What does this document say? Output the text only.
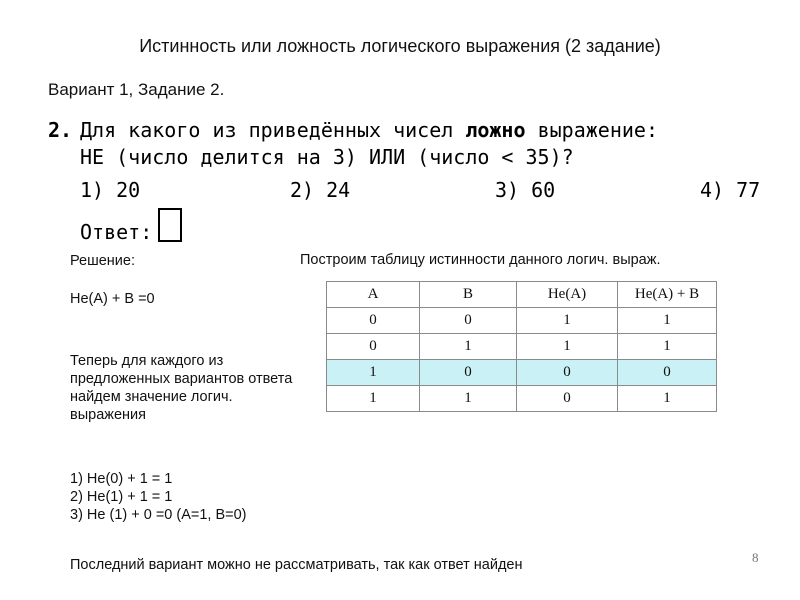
Истинность или ложность логического выражения (2 задание)
Вариант 1, Задание 2.
2. Для какого из приведённых чисел ложно выражение:
НЕ (число делится на 3) ИЛИ (число < 35)?
1) 20	2) 24	3) 60	4) 77
Ответ:
Решение:
Не(А) + В =0
Теперь для каждого из предложенных вариантов ответа найдем значение логич. выражения
1) Не(0) + 1 = 1
2) Не(1) + 1 = 1
3) Не (1) + 0 =0 (А=1, В=0)
Последний вариант можно не рассматривать, так как ответ найден
Построим таблицу истинности данного логич. выраж.
A	B	Не(A)	Не(A) + B
0	0	1	1
0	1	1	1
1	0	0	0
1	1	0	1
8
